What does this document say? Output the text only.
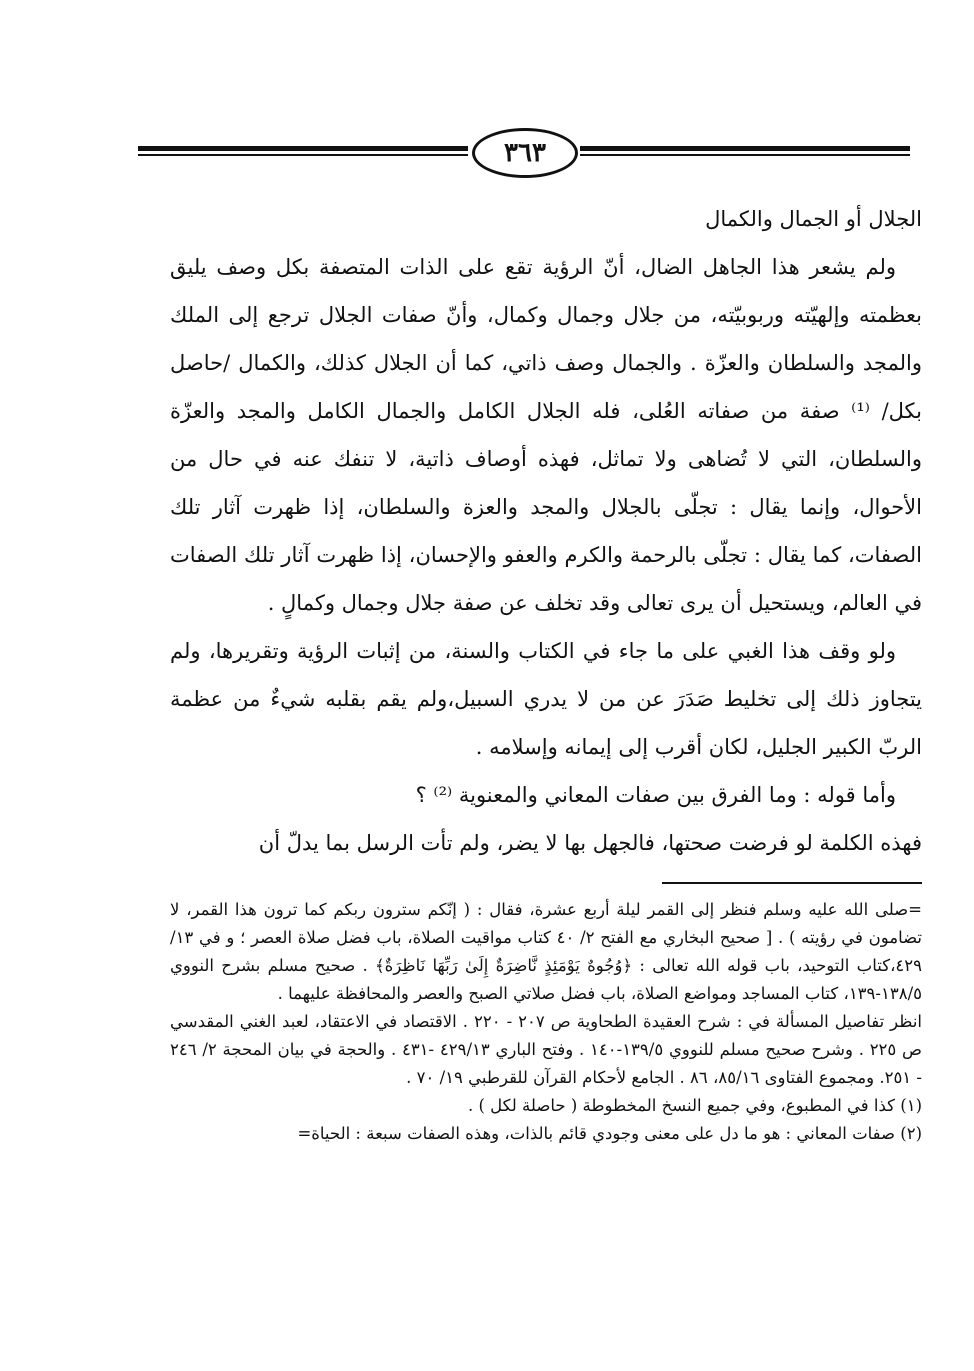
٣٦٣

الجلال أو الجمال والكمال

ولم يشعر هذا الجاهل الضال، أنّ الرؤية تقع على الذات المتصفة بكل وصف يليق بعظمته وإلهيّته وربوبيّته، من جلال وجمال وكمال، وأنّ صفات الجلال ترجع إلى الملك والمجد والسلطان والعزّة . والجمال وصف ذاتي، كما أن الجلال كذلك، والكمال /حاصل بكل/ ⁽¹⁾ صفة من صفاته العُلى، فله الجلال الكامل والجمال الكامل والمجد والعزّة والسلطان، التي لا تُضاهى ولا تماثل، فهذه أوصاف ذاتية، لا تنفك عنه في حال من الأحوال، وإنما يقال : تجلّى بالجلال والمجد والعزة والسلطان، إذا ظهرت آثار تلك الصفات، كما يقال : تجلّى بالرحمة والكرم والعفو والإحسان، إذا ظهرت آثار تلك الصفات في العالم، ويستحيل أن يرى تعالى وقد تخلف عن صفة جلال وجمال وكمالٍ .

ولو وقف هذا الغبي على ما جاء في الكتاب والسنة، من إثبات الرؤية وتقريرها، ولم يتجاوز ذلك إلى تخليط صَدَرَ عن من لا يدري السبيل،ولم يقم بقلبه شيءٌ من عظمة الربّ الكبير الجليل، لكان أقرب إلى إيمانه وإسلامه .

وأما قوله : وما الفرق بين صفات المعاني والمعنوية ⁽²⁾ ؟

فهذه الكلمة لو فرضت صحتها، فالجهل بها لا يضر، ولم تأت الرسل بما يدلّ أن

=صلى الله عليه وسلم فنظر إلى القمر ليلة أربع عشرة، فقال : ( إنّكم سترون ربكم كما ترون هذا القمر، لا تضامون في رؤيته ) . [ صحيح البخاري مع الفتح ٢/ ٤٠ كتاب مواقيت الصلاة، باب فضل صلاة العصر ؛ و في ١٣/ ٤٢٩،كتاب التوحيد، باب قوله الله تعالى : ﴿وُجُوهٌ يَوْمَئِذٍ نَّاضِرَةٌ إِلَىٰ رَبِّهَا نَاظِرَةٌ﴾ . صحيح مسلم بشرح النووي ١٣٨/٥-١٣٩، كتاب المساجد ومواضع الصلاة، باب فضل صلاتي الصبح والعصر والمحافظة عليهما .

انظر تفاصيل المسألة في : شرح العقيدة الطحاوية ص ٢٠٧ - ٢٢٠ . الاقتصاد في الاعتقاد، لعبد الغني المقدسي ص ٢٢٥ . وشرح صحيح مسلم للنووي ١٣٩/٥-١٤٠ . وفتح الباري ٤٢٩/١٣ -٤٣١ . والحجة في بيان المحجة ٢/ ٢٤٦ - ٢٥١. ومجموع الفتاوى ٨٥/١٦، ٨٦ . الجامع لأحكام القرآن للقرطبي ١٩/ ٧٠ .

(١) كذا في المطبوع، وفي جميع النسخ المخطوطة ( حاصلة لكل ) .

(٢) صفات المعاني : هو ما دل على معنى وجودي قائم بالذات، وهذه الصفات سبعة : الحياة=
